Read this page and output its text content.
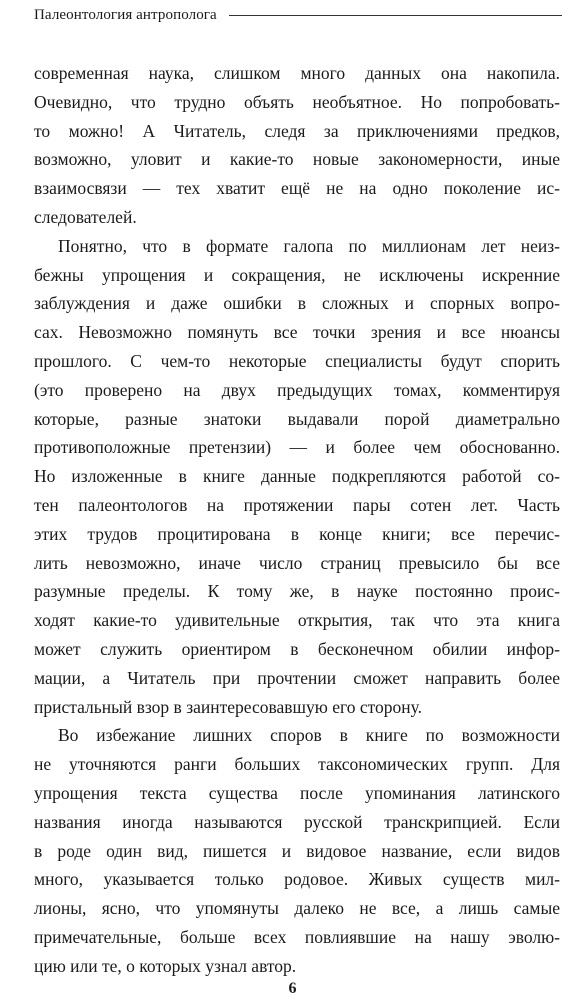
Палеонтология антрополога
современная наука, слишком много данных она накопила.
Очевидно, что трудно объять необъятное. Но попробовать-
то можно! А Читатель, следя за приключениями предков,
возможно, уловит и какие-то новые закономерности, иные
взаимосвязи — тех хватит ещё не на одно поколение ис-
следователей.
Понятно, что в формате галопа по миллионам лет неиз-
бежны упрощения и сокращения, не исключены искренние
заблуждения и даже ошибки в сложных и спорных вопро-
сах. Невозможно помянуть все точки зрения и все нюансы
прошлого. С чем-то некоторые специалисты будут спорить
(это проверено на двух предыдущих томах, комментируя
которые, разные знатоки выдавали порой диаметрально
противоположные претензии) — и более чем обоснованно.
Но изложенные в книге данные подкрепляются работой со-
тен палеонтологов на протяжении пары сотен лет. Часть
этих трудов процитирована в конце книги; все перечис-
лить невозможно, иначе число страниц превысило бы все
разумные пределы. К тому же, в науке постоянно проис-
ходят какие-то удивительные открытия, так что эта книга
может служить ориентиром в бесконечном обилии инфор-
мации, а Читатель при прочтении сможет направить более
пристальный взор в заинтересовавшую его сторону.
Во избежание лишних споров в книге по возможности
не уточняются ранги больших таксономических групп. Для
упрощения текста существа после упоминания латинского
названия иногда называются русской транскрипцией. Если
в роде один вид, пишется и видовое название, если видов
много, указывается только родовое. Живых существ мил-
лионы, ясно, что упомянуты далеко не все, а лишь самые
примечательные, больше всех повлиявшие на нашу эволю-
цию или те, о которых узнал автор.
6
